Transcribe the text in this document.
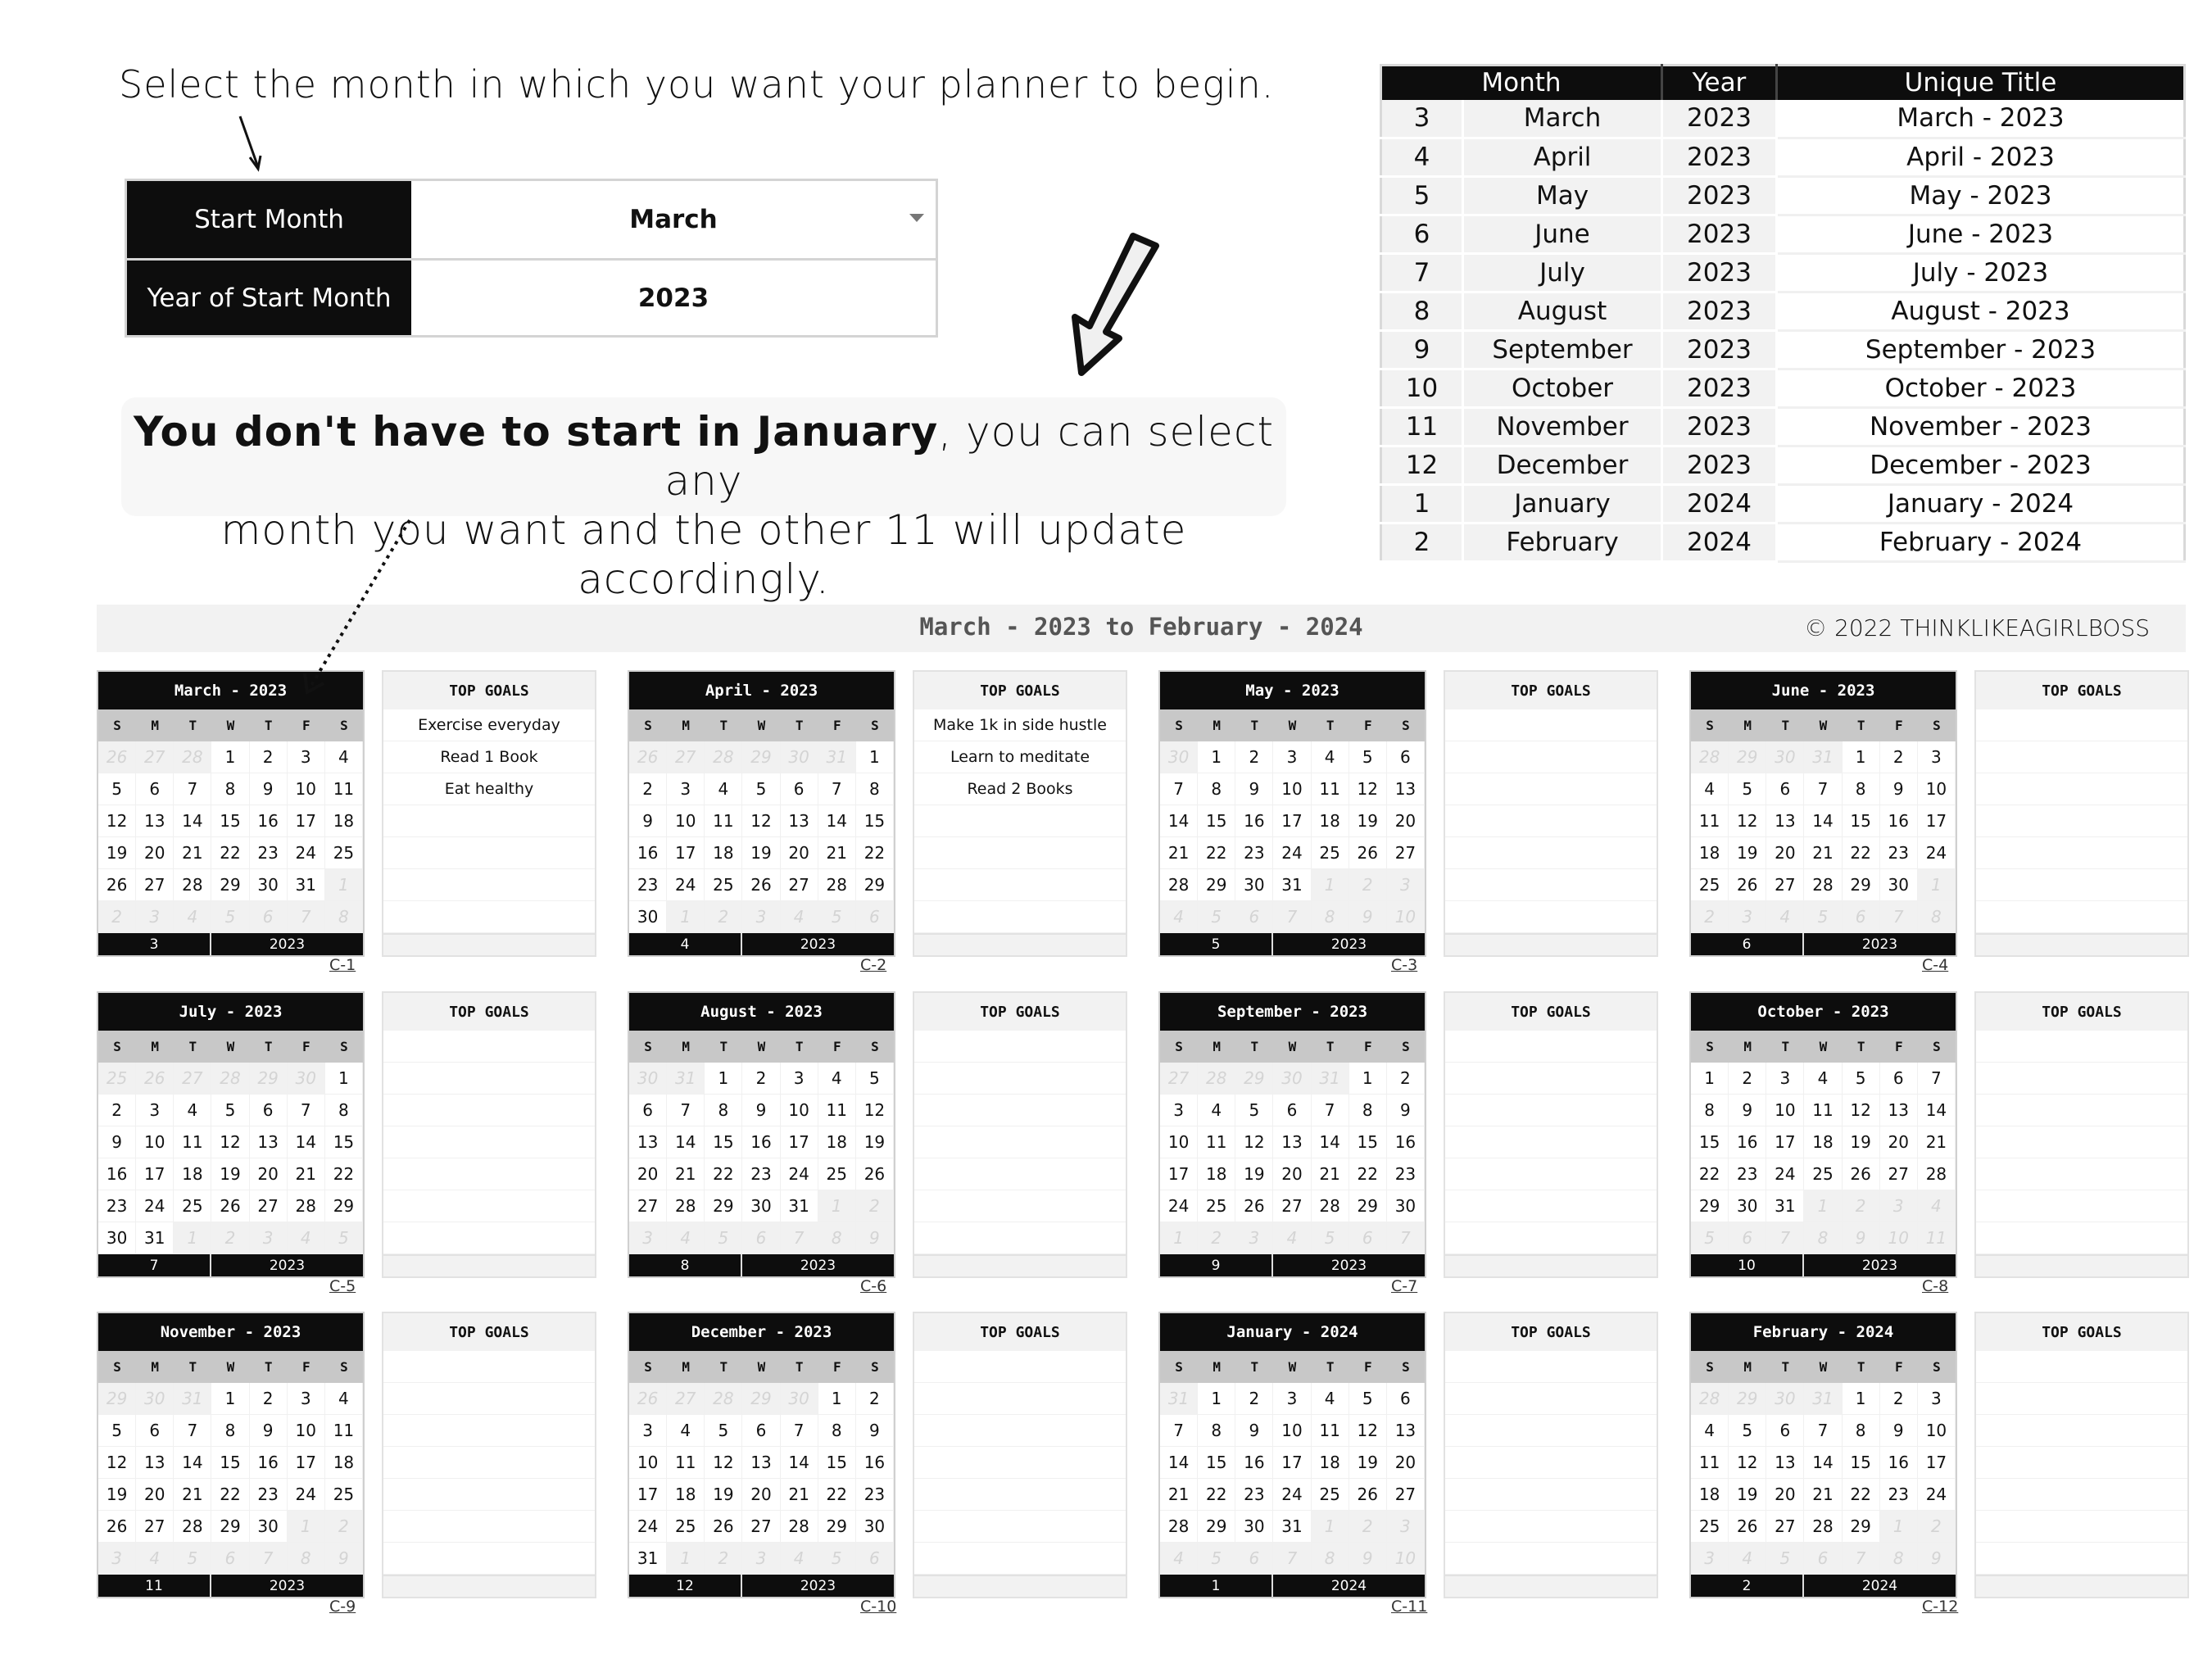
Select the month in which you want your planner to begin.
Start Month	March
Year of Start Month	2023
You don't have to start in January, you can select any
month you want and the other 11 will update accordingly.
Month		Year	Unique Title
3	March	2023	March - 2023
4	April	2023	April - 2023
5	May	2023	May - 2023
6	June	2023	June - 2023
7	July	2023	July - 2023
8	August	2023	August - 2023
9	September	2023	September - 2023
10	October	2023	October - 2023
11	November	2023	November - 2023
12	December	2023	December - 2023
1	January	2024	January - 2024
2	February	2024	February - 2024
March - 2023 to February - 2024	© 2022 THINKLIKEAGIRLBOSS
March - 2023
S	M	T	W	T	F	S
26	27	28	1	2	3	4
5	6	7	8	9	10	11
12	13	14	15	16	17	18
19	20	21	22	23	24	25
26	27	28	29	30	31	1
2	3	4	5	6	7	8
3	2023
C-1
TOP GOALS
Exercise everyday
Read 1 Book
Eat healthy
April - 2023
S	M	T	W	T	F	S
26	27	28	29	30	31	1
2	3	4	5	6	7	8
9	10	11	12	13	14	15
16	17	18	19	20	21	22
23	24	25	26	27	28	29
30	1	2	3	4	5	6
4	2023
C-2
TOP GOALS
Make 1k in side hustle
Learn to meditate
Read 2 Books
May - 2023
S	M	T	W	T	F	S
30	1	2	3	4	5	6
7	8	9	10	11	12	13
14	15	16	17	18	19	20
21	22	23	24	25	26	27
28	29	30	31	1	2	3
4	5	6	7	8	9	10
5	2023
C-3
TOP GOALS	June - 2023
S	M	T	W	T	F	S
28	29	30	31	1	2	3
4	5	6	7	8	9	10
11	12	13	14	15	16	17
18	19	20	21	22	23	24
25	26	27	28	29	30	1
2	3	4	5	6	7	8
6	2023
C-4
TOP GOALS
July - 2023
S	M	T	W	T	F	S
25	26	27	28	29	30	1
2	3	4	5	6	7	8
9	10	11	12	13	14	15
16	17	18	19	20	21	22
23	24	25	26	27	28	29
30	31	1	2	3	4	5
7	2023
C-5
TOP GOALS	August - 2023
S	M	T	W	T	F	S
30	31	1	2	3	4	5
6	7	8	9	10	11	12
13	14	15	16	17	18	19
20	21	22	23	24	25	26
27	28	29	30	31	1	2
3	4	5	6	7	8	9
8	2023
C-6
TOP GOALS	September - 2023
S	M	T	W	T	F	S
27	28	29	30	31	1	2
3	4	5	6	7	8	9
10	11	12	13	14	15	16
17	18	19	20	21	22	23
24	25	26	27	28	29	30
1	2	3	4	5	6	7
9	2023
C-7
TOP GOALS	October - 2023
S	M	T	W	T	F	S
1	2	3	4	5	6	7
8	9	10	11	12	13	14
15	16	17	18	19	20	21
22	23	24	25	26	27	28
29	30	31	1	2	3	4
5	6	7	8	9	10	11
10	2023
C-8
TOP GOALS
November - 2023
S	M	T	W	T	F	S
29	30	31	1	2	3	4
5	6	7	8	9	10	11
12	13	14	15	16	17	18
19	20	21	22	23	24	25
26	27	28	29	30	1	2
3	4	5	6	7	8	9
11	2023
C-9
TOP GOALS	December - 2023
S	M	T	W	T	F	S
26	27	28	29	30	1	2
3	4	5	6	7	8	9
10	11	12	13	14	15	16
17	18	19	20	21	22	23
24	25	26	27	28	29	30
31	1	2	3	4	5	6
12	2023
C-10
TOP GOALS	January - 2024
S	M	T	W	T	F	S
31	1	2	3	4	5	6
7	8	9	10	11	12	13
14	15	16	17	18	19	20
21	22	23	24	25	26	27
28	29	30	31	1	2	3
4	5	6	7	8	9	10
1	2024
C-11
TOP GOALS	February - 2024
S	M	T	W	T	F	S
28	29	30	31	1	2	3
4	5	6	7	8	9	10
11	12	13	14	15	16	17
18	19	20	21	22	23	24
25	26	27	28	29	1	2
3	4	5	6	7	8	9
2	2024
C-12
TOP GOALS
